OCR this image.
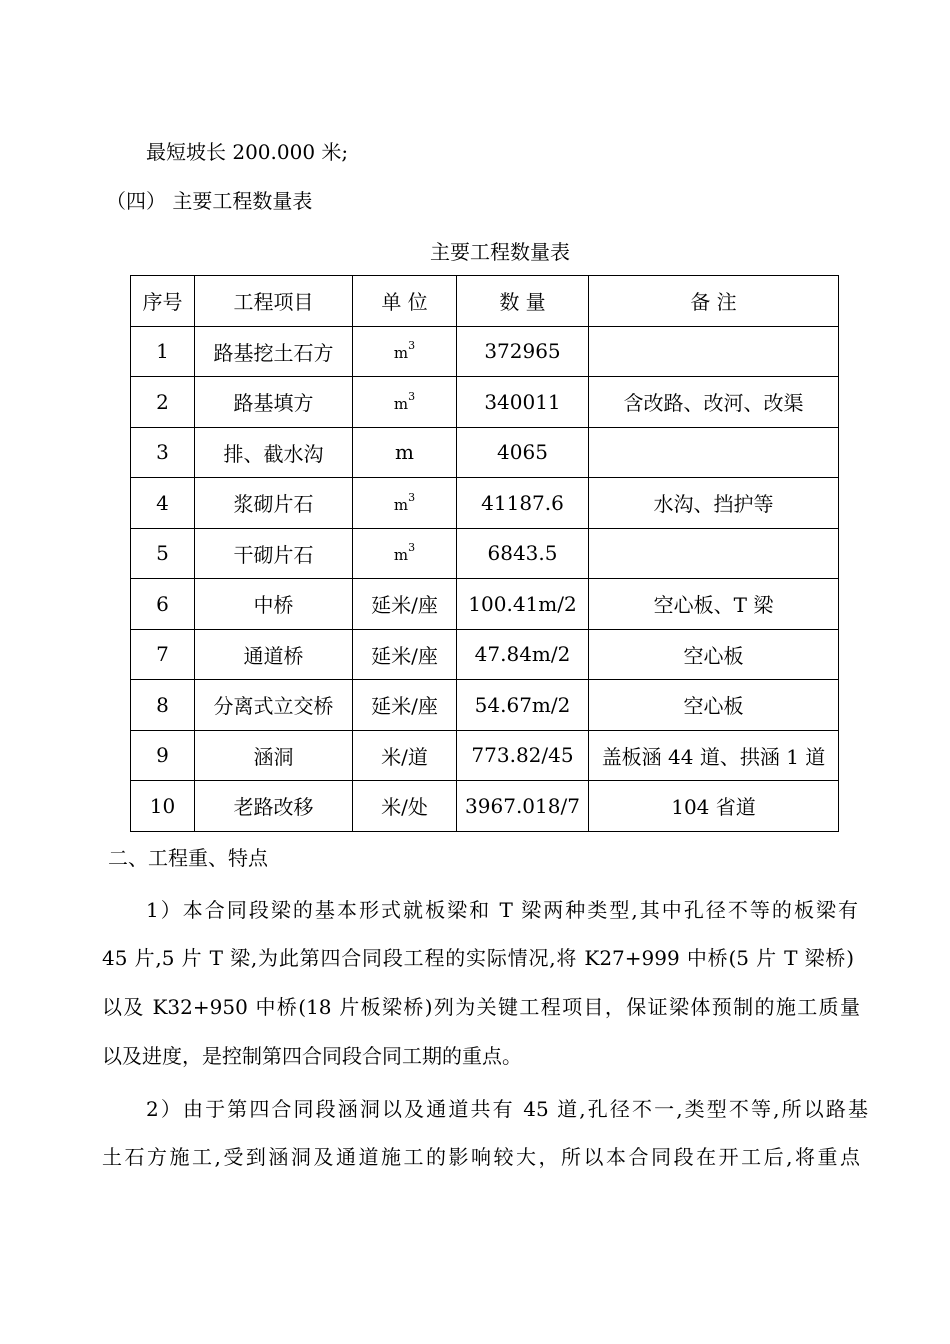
最短坡长 200.000 米;
（四） 主要工程数量表
主要工程数量表
序号	工程项目	单 位	数 量	备 注
1	路基挖土石方	$m^3$	372965	
2	路基填方	$m^3$	340011	含改路、改河、改渠
3	排、截水沟	m	4065	
4	浆砌片石	$m^3$	41187.6	水沟、挡护等
5	干砌片石	$m^3$	6843.5	
6	中桥	延米/座	100.41m/2	空心板、T 梁
7	通道桥	延米/座	47.84m/2	空心板
8	分离式立交桥	延米/座	54.67m/2	空心板
9	涵洞	米/道	773.82/45	盖板涵 44 道、拱涵 1 道
10	老路改移	米/处	3967.018/7	104 省道
二、工程重、特点
1）本合同段梁的基本形式就板梁和 T 梁两种类型,其中孔径不等的板梁有
45 片,5 片 T 梁,为此第四合同段工程的实际情况,将 K27+999 中桥(5 片 T 梁桥)
以及 K32+950 中桥(18 片板梁桥)列为关键工程项目，保证梁体预制的施工质量
以及进度，是控制第四合同段合同工期的重点。
2）由于第四合同段涵洞以及通道共有 45 道,孔径不一,类型不等,所以路基
土石方施工,受到涵洞及通道施工的影响较大，所以本合同段在开工后,将重点
